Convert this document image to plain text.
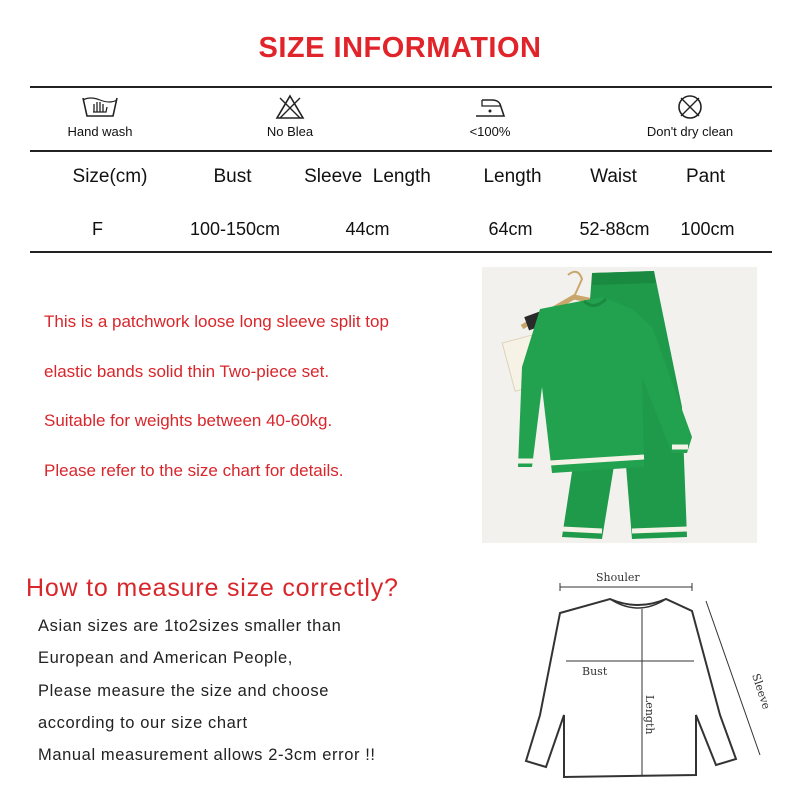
SIZE INFORMATION
Hand wash	No Blea	<100%	Don't dry clean
Size(cm)	Bust	Sleeve  Length	Length	Waist	Pant
F	100-150cm	44cm	64cm	52-88cm	100cm
This is a patchwork loose long sleeve split top
elastic bands solid thin Two-piece set.
Suitable for weights between 40-60kg.
Please refer to the size chart for details.
How to measure size correctly?
Asian sizes are 1to2sizes smaller than
European and American People,
Please measure the size and choose
according to our size chart
Manual measurement allows 2-3cm error !!
Shouler
Bust
Length
Sleeve
